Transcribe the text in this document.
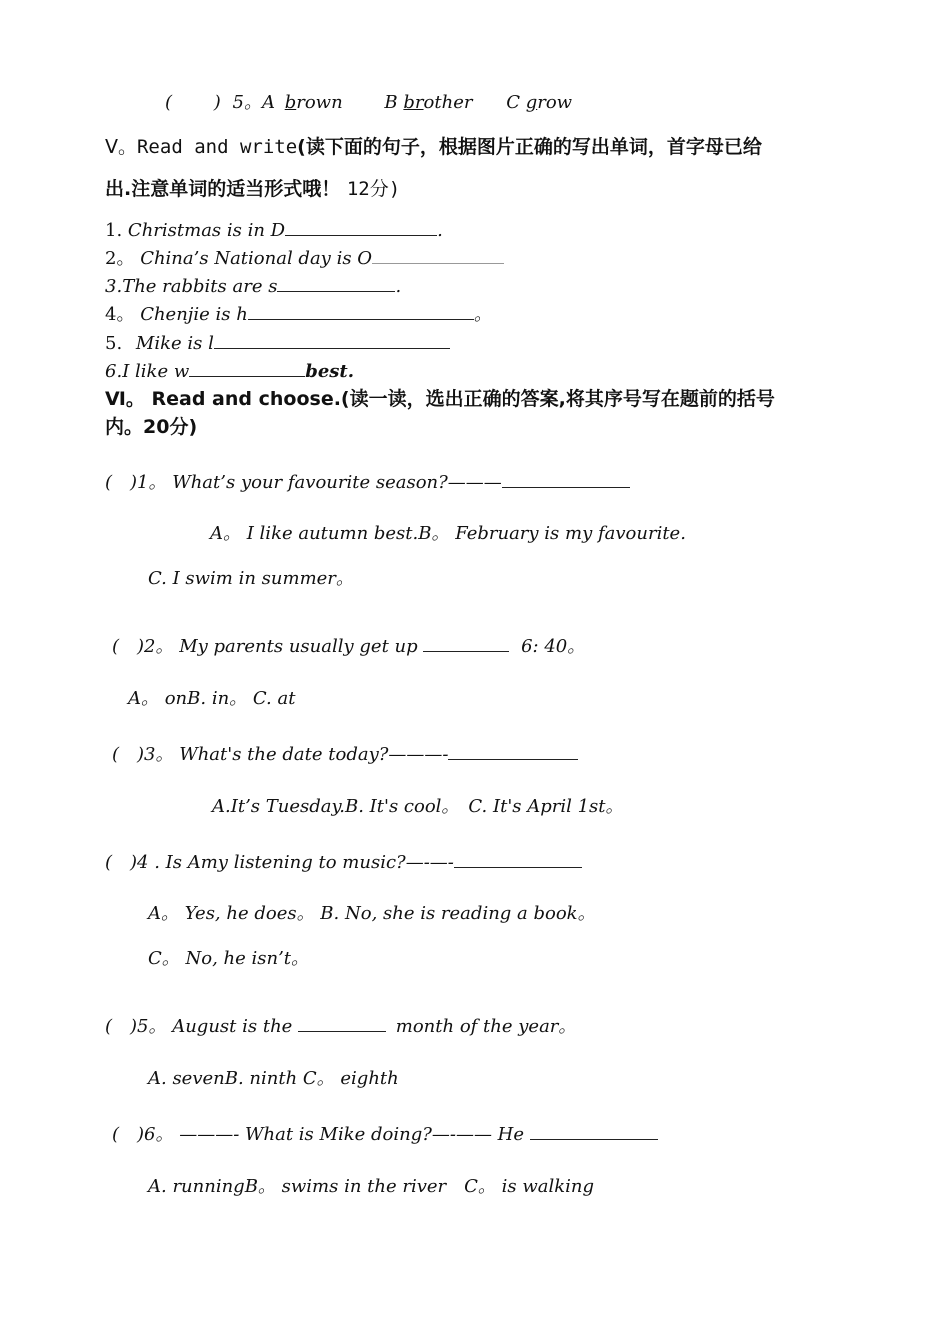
(　 　) 5。A brown B brother C grow
Ⅴ。Read and write(读下面的句子，根据图片正确的写出单词，首字母已给
出.注意单词的适当形式哦！ 12分)
1. Christmas is in D	.
2。 China’s National day is O
3.The rabbits are s	.
4。 Chenjie is h	。
5. Mike is l
6.I like w	best.
Ⅵ。 Read and choose.(读一读，选出正确的答案,将其序号写在题前的括号
内。20分)
(　)1。 What’s your favourite season?———
A。 I like autumn best.B。 February is my favourite.
C. I swim in summer。
(　)2。 My parents usually get up	6: 40。
A。 onB. in。 C. at
(　)3。 What's the date today?———-
A.It’s Tuesday.B. It's cool。　C. It's April 1st。
(　)4 . Is Amy listening to music?—-—-
A。 Yes, he does。 B. No, she is reading a book。
C。 No, he isn’t。
(　)5。 August is the	month of the year。
A. sevenB. ninth C。 eighth
(　)6。 ———- What is Mike doing?—-—— He
A. runningB。 swims in the river　C。 is walking
